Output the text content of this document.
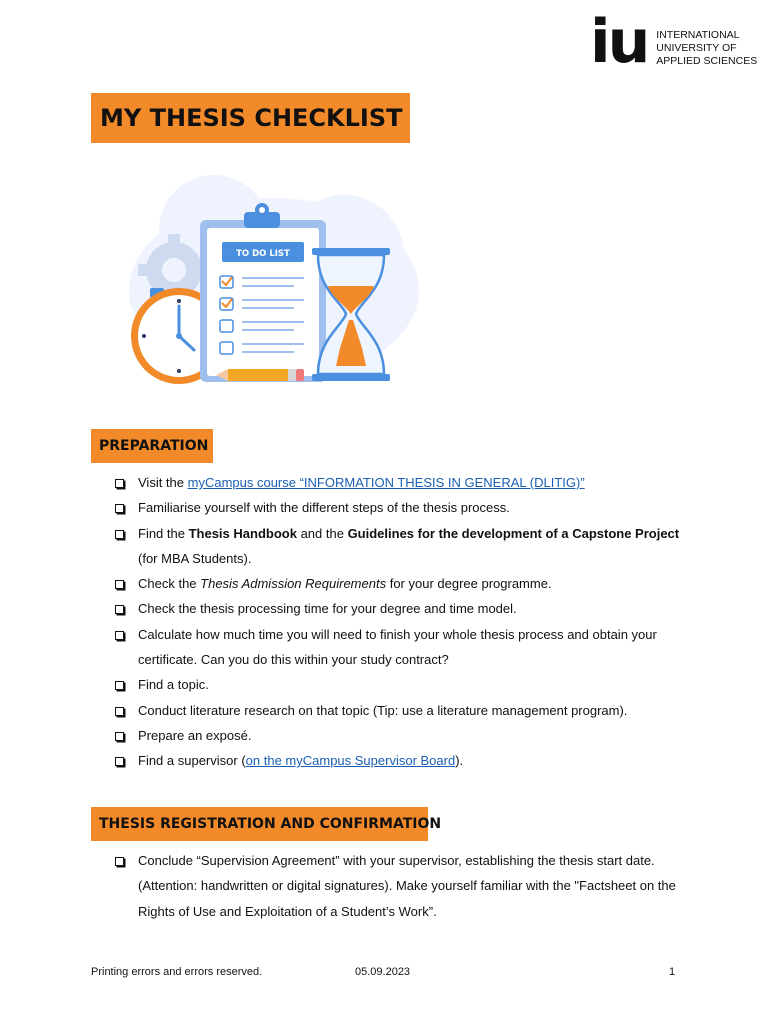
iu INTERNATIONAL
UNIVERSITY OF
APPLIED SCIENCES
MY THESIS CHECKLIST
TO DO LIST
PREPARATION
Visit the myCampus course “INFORMATION THESIS IN GENERAL (DLITIG)”
Familiarise yourself with the different steps of the thesis process.
Find the Thesis Handbook and the Guidelines for the development of a Capstone Project (for MBA Students).
Check the Thesis Admission Requirements for your degree programme.
Check the thesis processing time for your degree and time model.
Calculate how much time you will need to finish your whole thesis process and obtain your certificate. Can you do this within your study contract?
Find a topic.
Conduct literature research on that topic (Tip: use a literature management program).
Prepare an exposé.
Find a supervisor (on the myCampus Supervisor Board).
THESIS REGISTRATION AND CONFIRMATION
Conclude “Supervision Agreement” with your supervisor, establishing the thesis start date. (Attention: handwritten or digital signatures). Make yourself familiar with the "Factsheet on the Rights of Use and Exploitation of a Student’s Work”.
Printing errors and errors reserved.	05.09.2023	1
